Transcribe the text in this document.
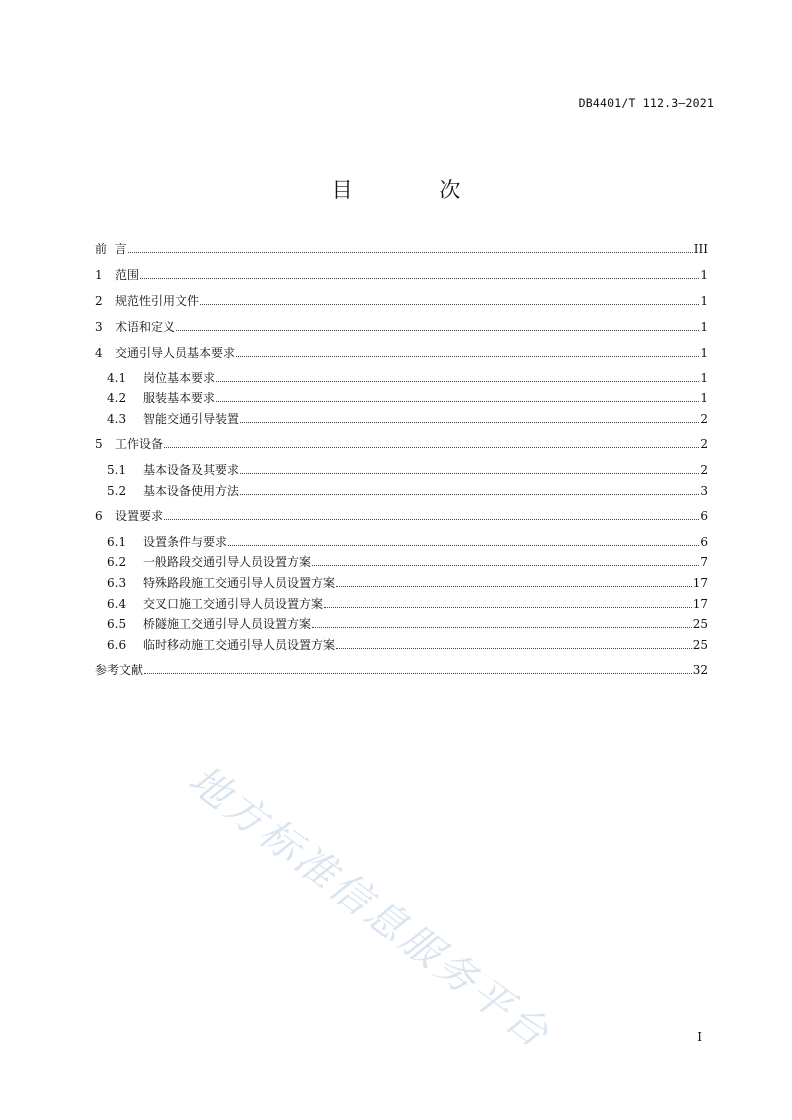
DB4401/T 112.3—2021
目 次
前  言	III
1	范围	1
2	规范性引用文件	1
3	术语和定义	1
4	交通引导人员基本要求	1
4.1	岗位基本要求	1
4.2	服装基本要求	1
4.3	智能交通引导装置	2
5	工作设备	2
5.1	基本设备及其要求	2
5.2	基本设备使用方法	3
6	设置要求	6
6.1	设置条件与要求	6
6.2	一般路段交通引导人员设置方案	7
6.3	特殊路段施工交通引导人员设置方案	17
6.4	交叉口施工交通引导人员设置方案	17
6.5	桥隧施工交通引导人员设置方案	25
6.6	临时移动施工交通引导人员设置方案	25
参考文献	32
地方标准信息服务平台	I
